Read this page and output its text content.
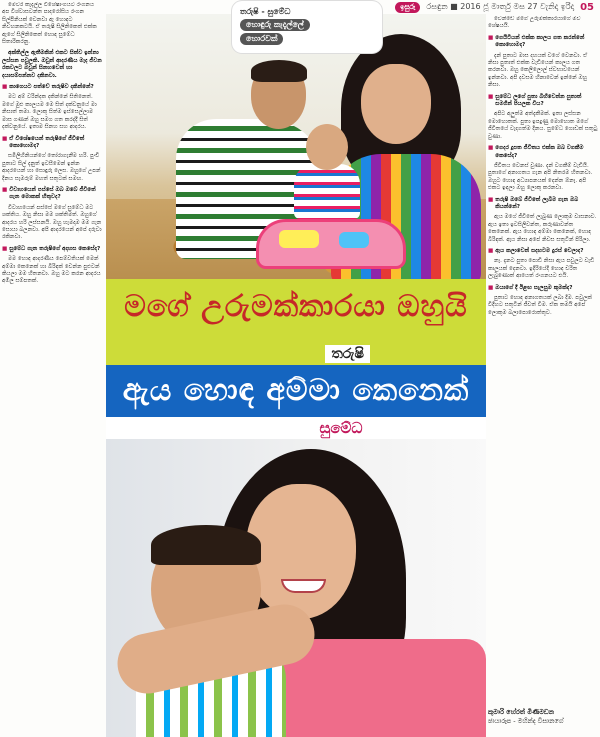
ඉසුරු	රසඳුන ■ 2016 ජූ මාර්තු මස 27 වැනිදා ඉරිදා 05

මෙවර කැදැල්ල විශේෂාංගයට රංගනය අප විශ්වාසවන්ත පාදරෝසිය රංගන සිල්පීනියක් වෙනවා ඇ හොඳට නිවහනකටයි. ඒ තරුෂි සිලිනිකෙත් එක්ක ඇගේ සිලිනිකෙත් හොඳ සුමේධ සිතාරිකරනු.

අක්තිල්ල ඇතීමකින් එකට සිත්ව ඉන්නා ලස්සන පවුලකි. ඔවුන් ආදරණීය මැද ජීවන රකවලට ඔවුන් සිනහවෙන් හා දයාසම්පන්නව දකිනවා.

■ කාගෙයට පත්වේ තරුෂිව දකින්නේ?

මට අම් වරින්දක දකින්නේ සිතිනෙත්. මගේ මුළු කාලයම මෙ සිත් දක්වනුයේ මා නිසාත් තමා. ලොකු සිත්ම ඉස්සෙල්ලාම මාස ගණන් ඔහු සමග ගත කරද්දී සිත් දක්වනුයේ. ඉතාම සිනහ සහ ආදරය.

■ ඒ විශේෂයෙන් තරුෂිගේ ජීවිතේ කොහොමද?

සමිලිහිනියන්ගේ තෝරාගැනීම හරි. පුංචි පුතාට සිල් දැනුත් ඉවසීමෙන් ඉන්න ආදරයෙන් හා සොඳුරු ලෙස. ඔහුගේ උපන් දිනය සැමරුම් මහත් සතුටක් සමඟ.

■ විවාහයෙන් පස්සේ ඔබ ඔබේ ජීවිතේ ගැන මොකක් හිතුවද?

විවාහයෙන් පස්සේ මගේ සුමේධ මට ශක්තිය. ඔහු නිසා මම ශක්තිමත්. ඔහුගේ ආදරය හරි ලස්සනයි. ඔහු හැමදාම මම ගැන සොයා බලනවා. අපි ආදරයෙන් අපේ දරුවා රකිනවා.

■ සුමේධ ගැන තරුෂිගේ අදහස කෙසේද?

මම හොඳ ආදරණීය පෙම්වතියක් මෙන් අම්මා කෙනෙක් හා බිරිඳක් වෙන්න පුළුවන් කියලා මම හිතනවා. ඔහු මට කරන ආදරය අමිල සම්පතක්.

තරුෂි - සුමේධ
හොඳුරු කැදැල්ලේ
හොරවක්
මගේ උරුමක්කාරයා ඔහුයි
තරුෂි
ඇය හොඳ අම්මා කෙනෙක්
සුමේධ

වෙන්ඩේ මගේ උරුමක්කාරයාගේ මව ශේෂයයි.

■ ගෙයිටියන් එක්ක කාලය ගත කරන්නේ කොහොමද?

දැන් පුතාට මාස දහයක් වගේ වෙනවා. ඒ නිසා පුතාත් එක්ක වැඩියෙන් කාලය ගත කරනවා. ඔහු කෙලිලොල් ස්වභාවයෙන් ඉන්නවා. අපි දවසම හිනාවෙන් ඉන්නේ ඔහු නිසා.

■ සුමේධ ලගේ පුතා බිහිවෙන්න පුතාත් සමගින් පියලක විය?

අපිට අලුත්ම අත්දැකීමක්. ඉතා ලස්සන මොහොතක්. පුතා ඉපදුණු මොහොත මගේ ජීවිතයේ වැදගත්ම දිනය. සුමේධ ගොඩක් සතුටු වුණා.

■ ගෙදර දූපත ජීවිතය එක්ක ඔබ වගකීම කෙසේද?

ජීවිතය වෙනස් වුණා. දැන් වගකීම් වැඩියි. පුතාගේ අනාගතය ගැන අපි නිතරම හිතනවා. ඔහුට හොඳ අධ්‍යාපනයක් දෙන්න ඕනෑ. අපි එකට ඉඳලා ඔහු ලොකු කරනවා.

■ තරුෂි ඔබේ ජීවිතේ ලැබීම ගැන ඔබ කියන්නේ?

ඇය මගේ ජීවිතේ ලැබුණ ලොකුම වාසනාව. ඇය ඉතා ඉවසිලිවන්ත, කරුණාවන්ත කෙනෙක්. ඇය හොඳ අම්මා කෙනෙක්, හොඳ බිරිඳක්. ඇය නිසා අපේ නිවස සතුටින් පිරිලා.

■ ඇය කලාවෙන් සදහටම දුරස් වෙලාද?

නෑ. දැනට පුතා පොඩි නිසා ඇය පවුලට වැඩි කාලයක් දෙනවා. ඉදිරියේදී හොඳ චරිත ලැබුණොත් ආයෙත් රංගනයට එයි.

■ ඔයාගේ දී ඊළඟ සැලසුම කුමක්ද?

පුතාට හොඳ අනාගතයක් ලබා දීම. පවුලක් විදිහට සතුටින් ජීවත් වීම. ඒක තමයි අපේ ලොකුම බලාපොරොත්තුව.

කුමාරි හේරත් මිණිමඩන
ඡායාරූප - මහින්ද විසානගේ
